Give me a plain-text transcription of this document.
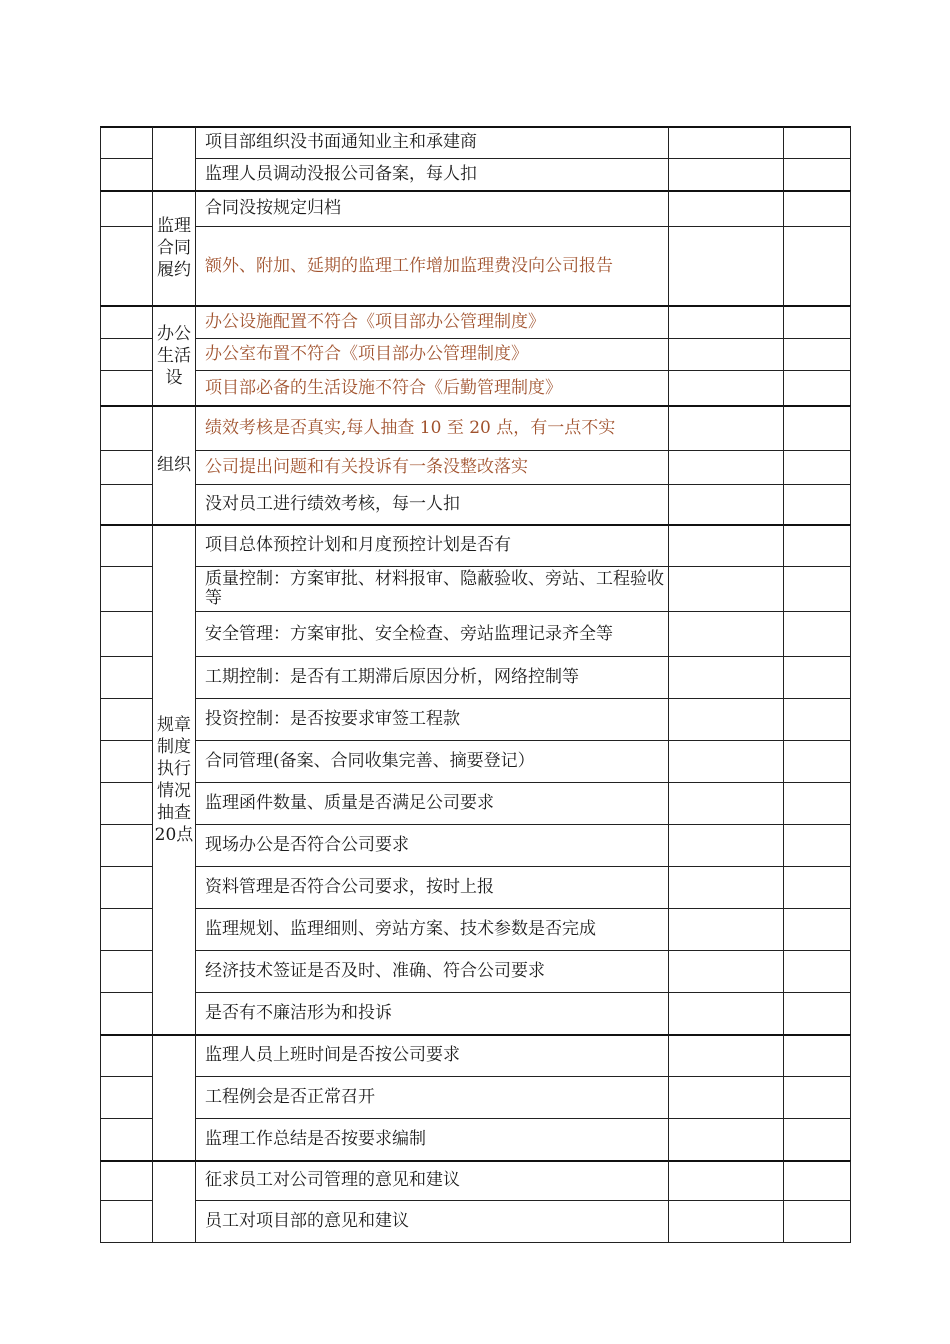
项目部组织没书面通知业主和承建商
监理人员调动没报公司备案，每人扣
监理合同履约
合同没按规定归档
额外、附加、延期的监理工作增加监理费没向公司报告
办公生活设
办公设施配置不符合《项目部办公管理制度》
办公室布置不符合《项目部办公管理制度》
项目部必备的生活设施不符合《后勤管理制度》
组织
绩效考核是否真实,每人抽查 10 至 20 点，有一点不实
公司提出问题和有关投诉有一条没整改落实
没对员工进行绩效考核，每一人扣
规章制度执行情况抽查20点
项目总体预控计划和月度预控计划是否有
质量控制：方案审批、材料报审、隐蔽验收、旁站、工程验收等
安全管理：方案审批、安全检查、旁站监理记录齐全等
工期控制：是否有工期滞后原因分析，网络控制等
投资控制：是否按要求审签工程款
合同管理(备案、合同收集完善、摘要登记）
监理函件数量、质量是否满足公司要求
现场办公是否符合公司要求
资料管理是否符合公司要求，按时上报
监理规划、监理细则、旁站方案、技术参数是否完成
经济技术签证是否及时、准确、符合公司要求
是否有不廉洁形为和投诉
监理人员上班时间是否按公司要求
工程例会是否正常召开
监理工作总结是否按要求编制
征求员工对公司管理的意见和建议
员工对项目部的意见和建议
